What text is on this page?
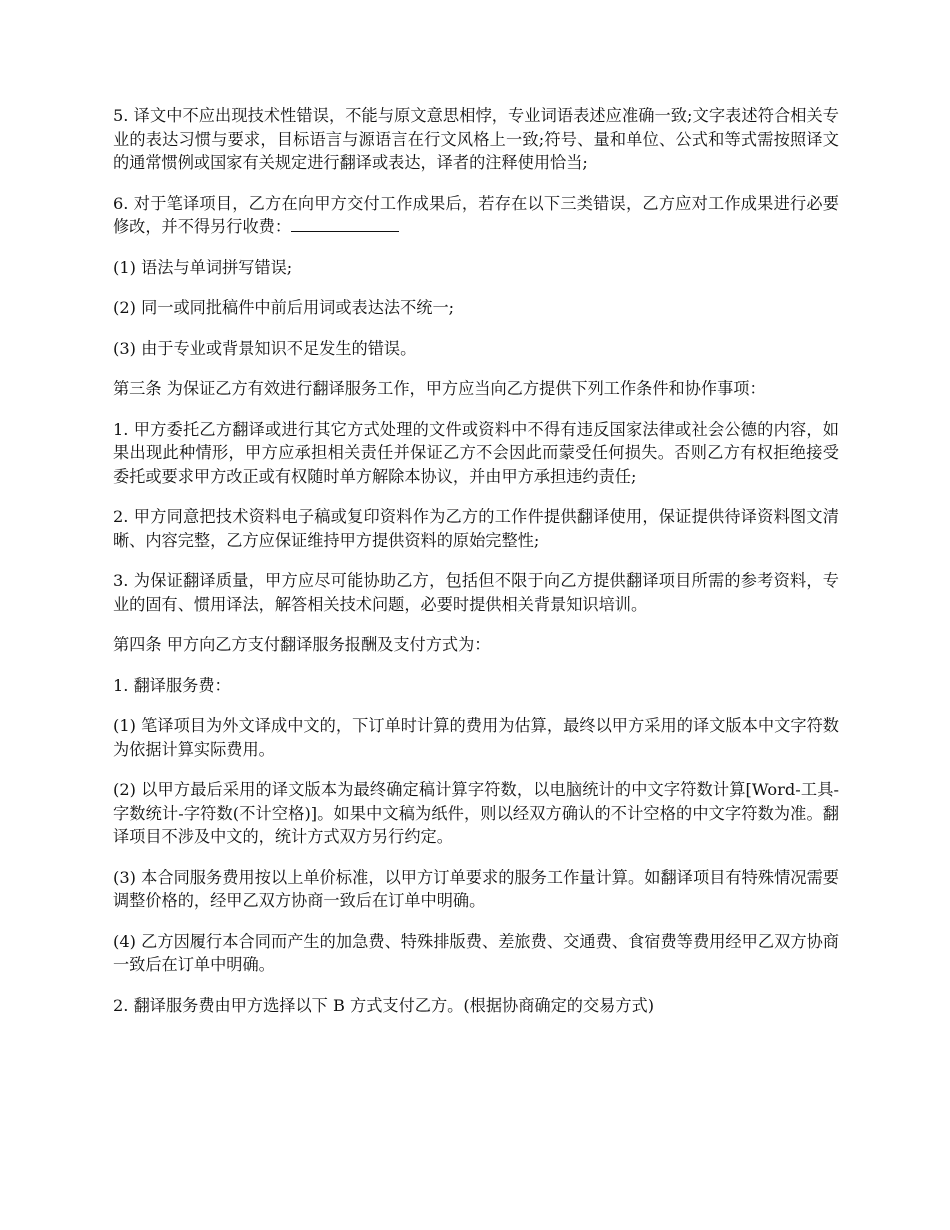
5. 译文中不应出现技术性错误，不能与原文意思相悖，专业词语表述应准确一致;文字表述符合相关专业的表达习惯与要求，目标语言与源语言在行文风格上一致;符号、量和单位、公式和等式需按照译文的通常惯例或国家有关规定进行翻译或表达，译者的注释使用恰当;

6. 对于笔译项目，乙方在向甲方交付工作成果后，若存在以下三类错误，乙方应对工作成果进行必要修改，并不得另行收费：

(1) 语法与单词拼写错误;

(2) 同一或同批稿件中前后用词或表达法不统一;

(3) 由于专业或背景知识不足发生的错误。

第三条 为保证乙方有效进行翻译服务工作，甲方应当向乙方提供下列工作条件和协作事项：

1. 甲方委托乙方翻译或进行其它方式处理的文件或资料中不得有违反国家法律或社会公德的内容，如果出现此种情形，甲方应承担相关责任并保证乙方不会因此而蒙受任何损失。否则乙方有权拒绝接受委托或要求甲方改正或有权随时单方解除本协议，并由甲方承担违约责任;

2. 甲方同意把技术资料电子稿或复印资料作为乙方的工作件提供翻译使用，保证提供待译资料图文清晰、内容完整，乙方应保证维持甲方提供资料的原始完整性;

3. 为保证翻译质量，甲方应尽可能协助乙方，包括但不限于向乙方提供翻译项目所需的参考资料，专业的固有、惯用译法，解答相关技术问题，必要时提供相关背景知识培训。

第四条 甲方向乙方支付翻译服务报酬及支付方式为：

1. 翻译服务费：

(1) 笔译项目为外文译成中文的，下订单时计算的费用为估算，最终以甲方采用的译文版本中文字符数为依据计算实际费用。

(2) 以甲方最后采用的译文版本为最终确定稿计算字符数，以电脑统计的中文字符数计算[Word-工具-字数统计-字符数(不计空格)]。如果中文稿为纸件，则以经双方确认的不计空格的中文字符数为准。翻译项目不涉及中文的，统计方式双方另行约定。

(3) 本合同服务费用按以上单价标准，以甲方订单要求的服务工作量计算。如翻译项目有特殊情况需要调整价格的，经甲乙双方协商一致后在订单中明确。

(4) 乙方因履行本合同而产生的加急费、特殊排版费、差旅费、交通费、食宿费等费用经甲乙双方协商一致后在订单中明确。

2. 翻译服务费由甲方选择以下 B 方式支付乙方。(根据协商确定的交易方式)
